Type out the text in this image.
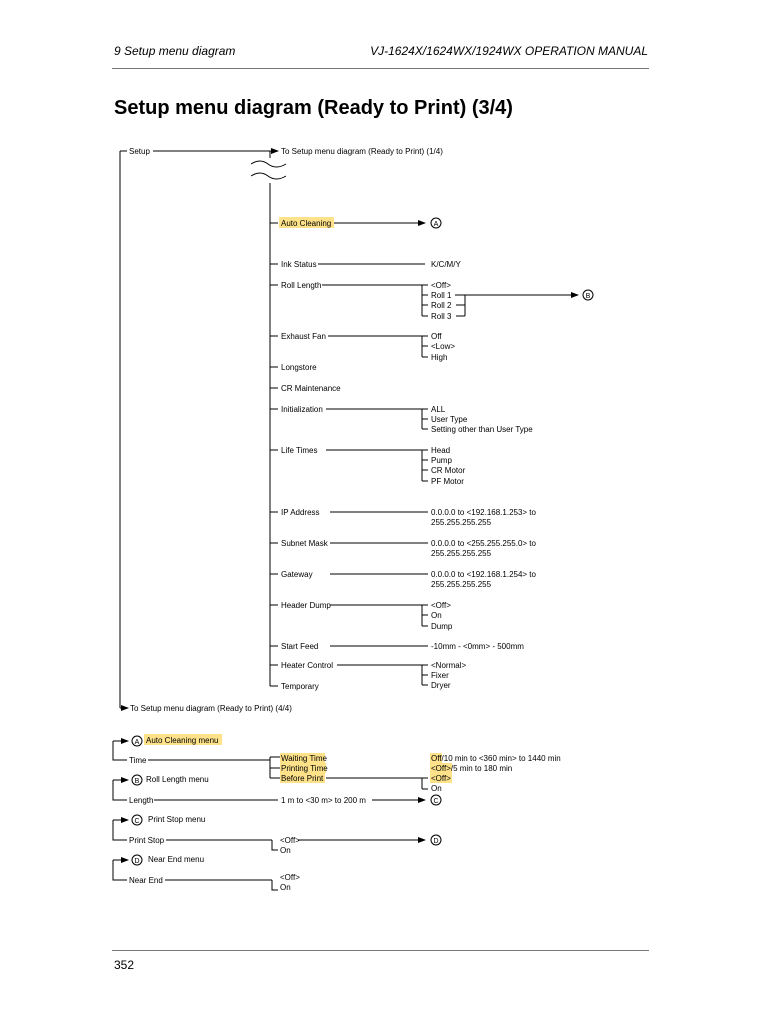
9 Setup menu diagram	VJ-1624X/1624WX/1924WX OPERATION MANUAL
Setup menu diagram (Ready to Print) (3/4)
A
B
A
B
C
D
C
D
Setup	To Setup menu diagram (Ready to Print) (1/4)
Auto Cleaning
Ink Status	K/C/M/Y
Roll Length	<Off>
Roll 1
Roll 2
Roll 3
Exhaust Fan	Off
<Low>
High
Longstore
CR Maintenance
Initialization	ALL
User Type
Setting other than User Type
Life Times	Head
Pump
CR Motor
PF Motor
IP Address	0.0.0.0 to <192.168.1.253> to
255.255.255.255
Subnet Mask	0.0.0.0 to <255.255.255.0> to
255.255.255.255
Gateway	0.0.0.0 to <192.168.1.254> to
255.255.255.255
Header Dump	<Off>
On
Dump
Start Feed	-10mm - <0mm> - 500mm
Heater Control	<Normal>
Fixer
Dryer
Temporary
To Setup menu diagram (Ready to Print) (4/4)
Auto Cleaning menu
Time	Waiting Time
Printing Time
Before Print
Off/10 min to <360 min> to 1440 min
<Off>/5 min to 180 min
<Off>
On
Roll Length menu
Length	1 m to <30 m> to 200 m
Print Stop menu
Print Stop	<Off>
On
Near End menu
Near End	<Off>
On
352
